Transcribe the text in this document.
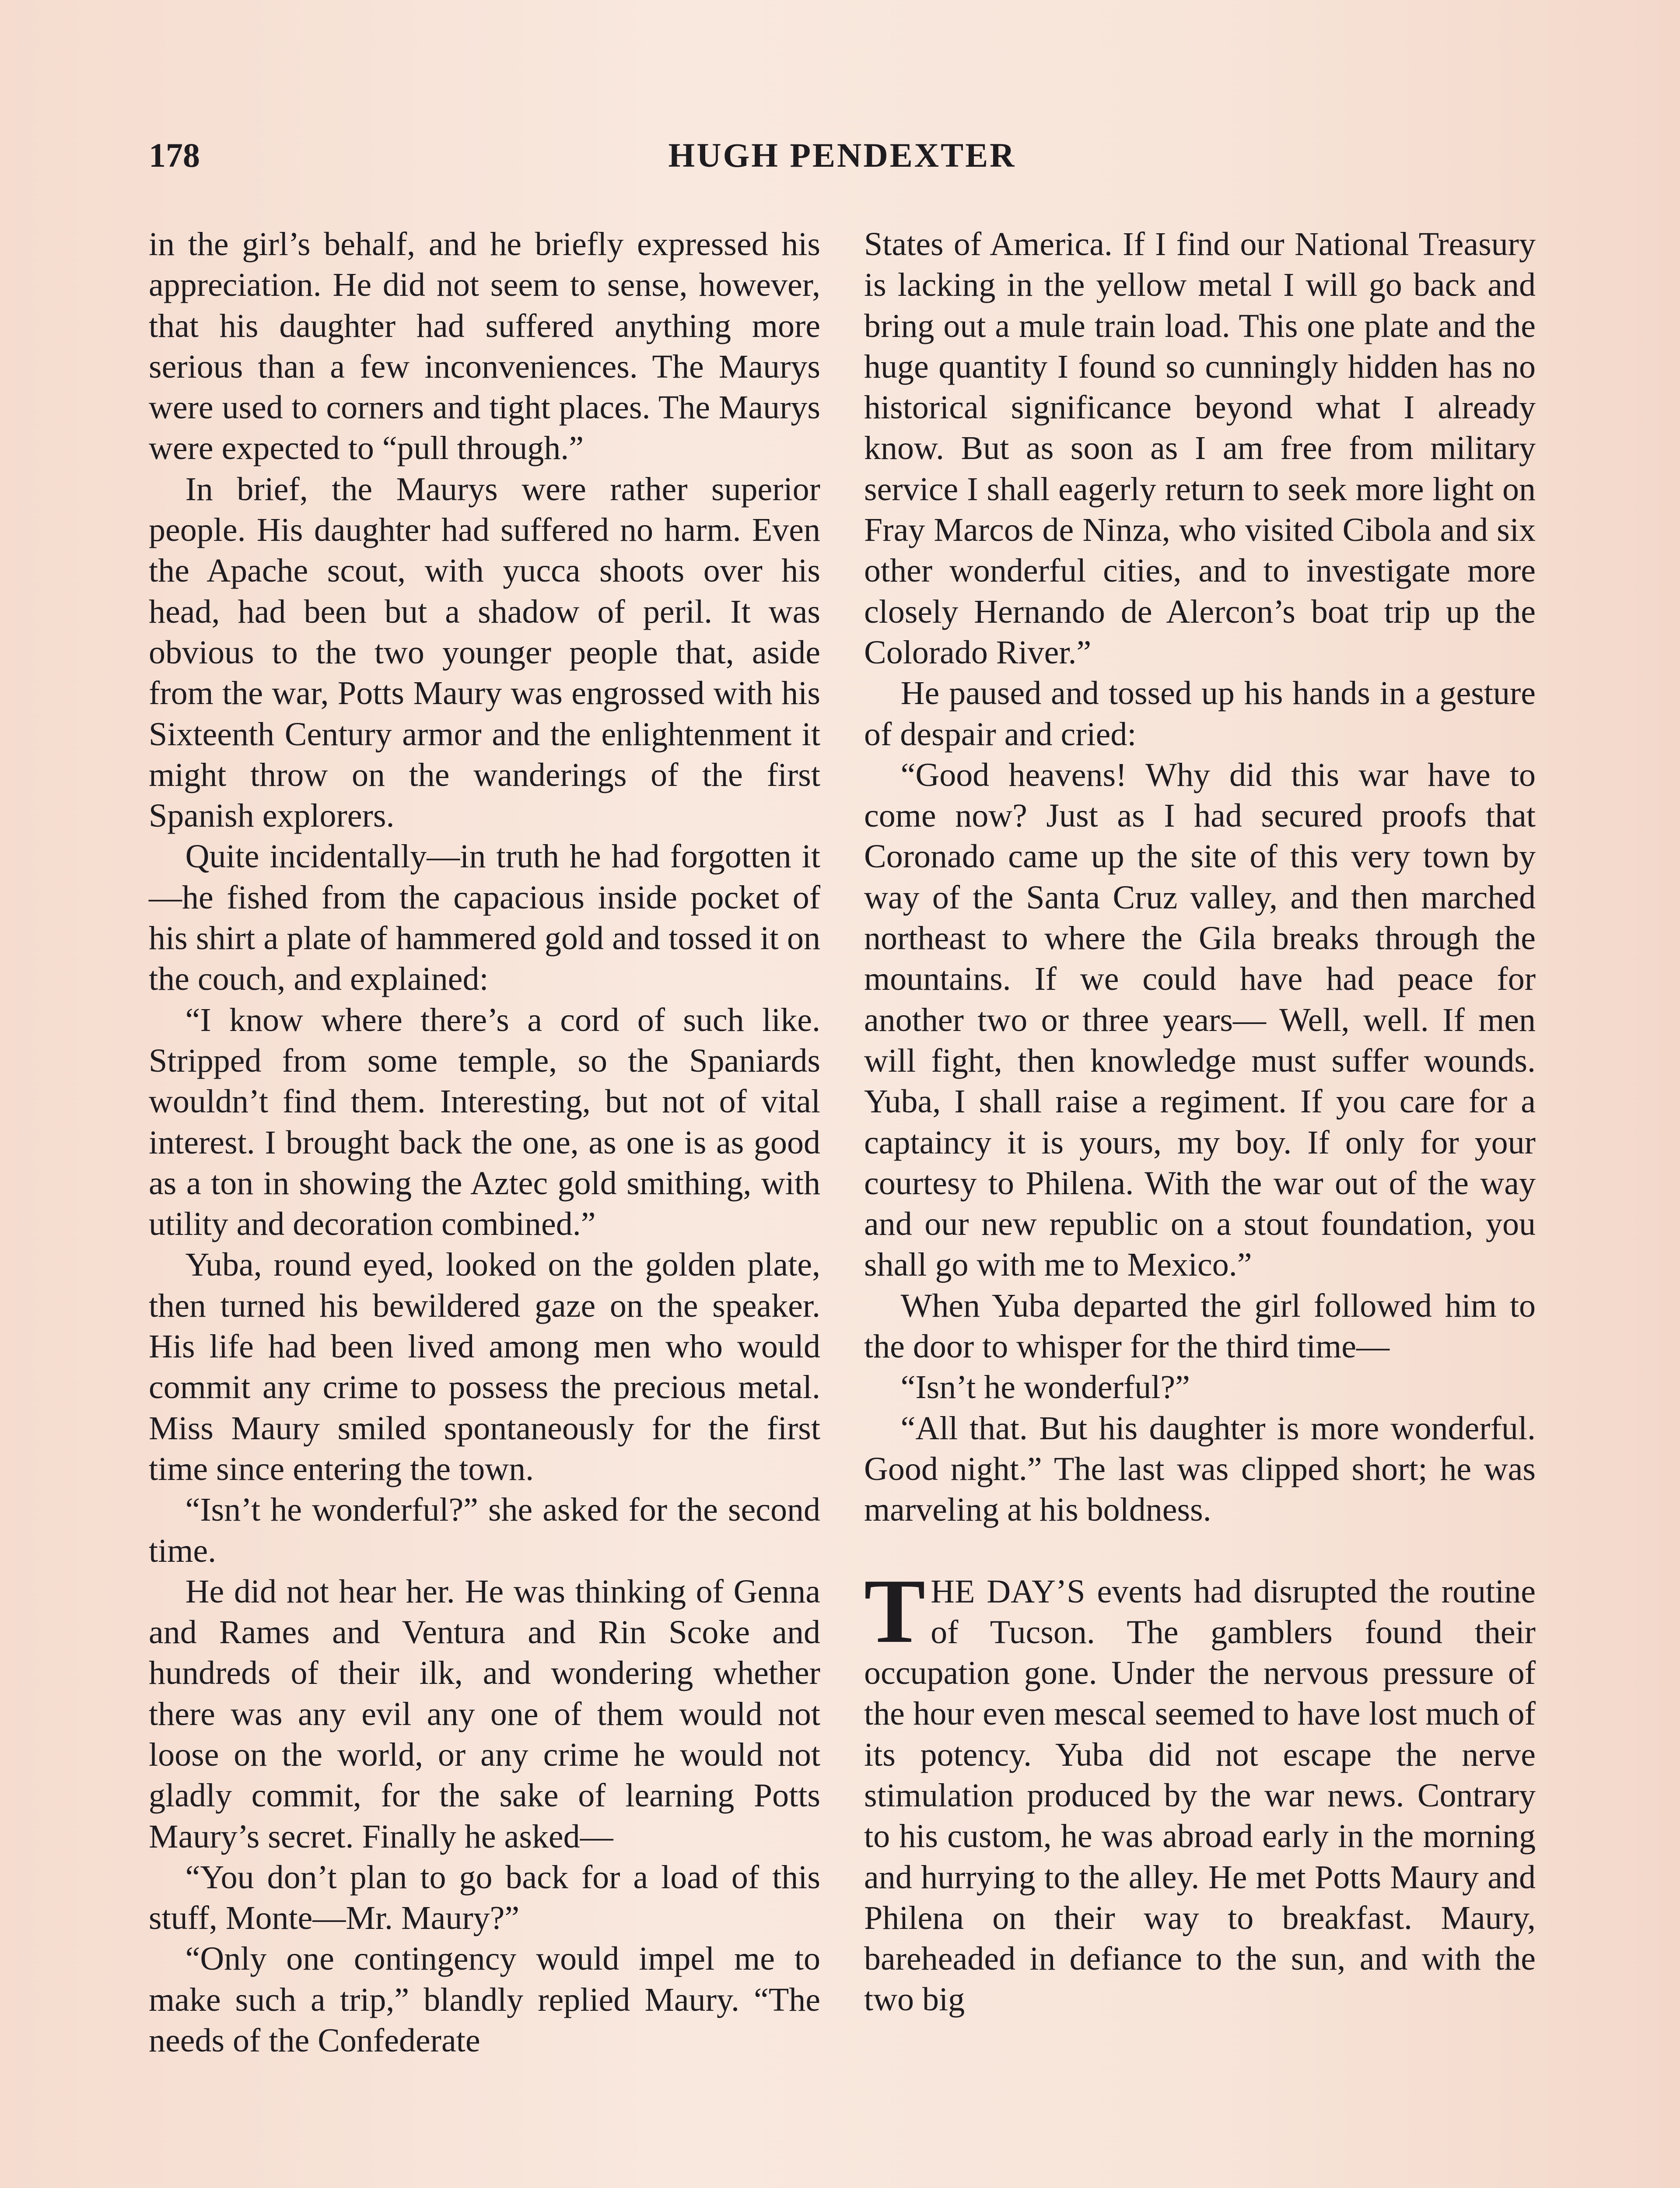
178	HUGH PENDEXTER

in the girl’s behalf, and he briefly expressed his appreciation. He did not seem to sense, however, that his daughter had suffered anything more serious than a few inconveniences. The Maurys were used to corners and tight places. The Maurys were expected to “pull through.”

In brief, the Maurys were rather superior people. His daughter had suffered no harm. Even the Apache scout, with yucca shoots over his head, had been but a shadow of peril. It was obvious to the two younger people that, aside from the war, Potts Maury was engrossed with his Sixteenth Century armor and the enlightenment it might throw on the wanderings of the first Spanish explorers.

Quite incidentally—in truth he had forgotten it—he fished from the capacious inside pocket of his shirt a plate of hammered gold and tossed it on the couch, and explained:

“I know where there’s a cord of such like. Stripped from some temple, so the Spaniards wouldn’t find them. Interesting, but not of vital interest. I brought back the one, as one is as good as a ton in showing the Aztec gold smithing, with utility and decoration combined.”

Yuba, round eyed, looked on the golden plate, then turned his bewildered gaze on the speaker. His life had been lived among men who would commit any crime to possess the precious metal. Miss Maury smiled spontaneously for the first time since entering the town.

“Isn’t he wonderful?” she asked for the second time.

He did not hear her. He was thinking of Genna and Rames and Ventura and Rin Scoke and hundreds of their ilk, and wondering whether there was any evil any one of them would not loose on the world, or any crime he would not gladly commit, for the sake of learning Potts Maury’s secret. Finally he asked—

“You don’t plan to go back for a load of this stuff, Monte—Mr. Maury?”

“Only one contingency would impel me to make such a trip,” blandly replied Maury. “The needs of the Confederate

States of America. If I find our National Treasury is lacking in the yellow metal I will go back and bring out a mule train load. This one plate and the huge quantity I found so cunningly hidden has no historical significance beyond what I already know. But as soon as I am free from military service I shall eagerly return to seek more light on Fray Marcos de Ninza, who visited Cibola and six other wonderful cities, and to investigate more closely Hernando de Alercon’s boat trip up the Colorado River.”

He paused and tossed up his hands in a gesture of despair and cried:

“Good heavens! Why did this war have to come now? Just as I had secured proofs that Coronado came up the site of this very town by way of the Santa Cruz valley, and then marched northeast to where the Gila breaks through the mountains. If we could have had peace for another two or three years— Well, well. If men will fight, then knowledge must suffer wounds. Yuba, I shall raise a regiment. If you care for a captaincy it is yours, my boy. If only for your courtesy to Philena. With the war out of the way and our new republic on a stout foundation, you shall go with me to Mexico.”

When Yuba departed the girl followed him to the door to whisper for the third time—

“Isn’t he wonderful?”

“All that. But his daughter is more wonderful. Good night.” The last was clipped short; he was marveling at his boldness.

THE DAY’S events had disrupted the routine of Tucson. The gamblers found their occupation gone. Under the nervous pressure of the hour even mescal seemed to have lost much of its potency. Yuba did not escape the nerve stimulation produced by the war news. Contrary to his custom, he was abroad early in the morning and hurrying to the alley. He met Potts Maury and Philena on their way to breakfast. Maury, bareheaded in defiance to the sun, and with the two big
